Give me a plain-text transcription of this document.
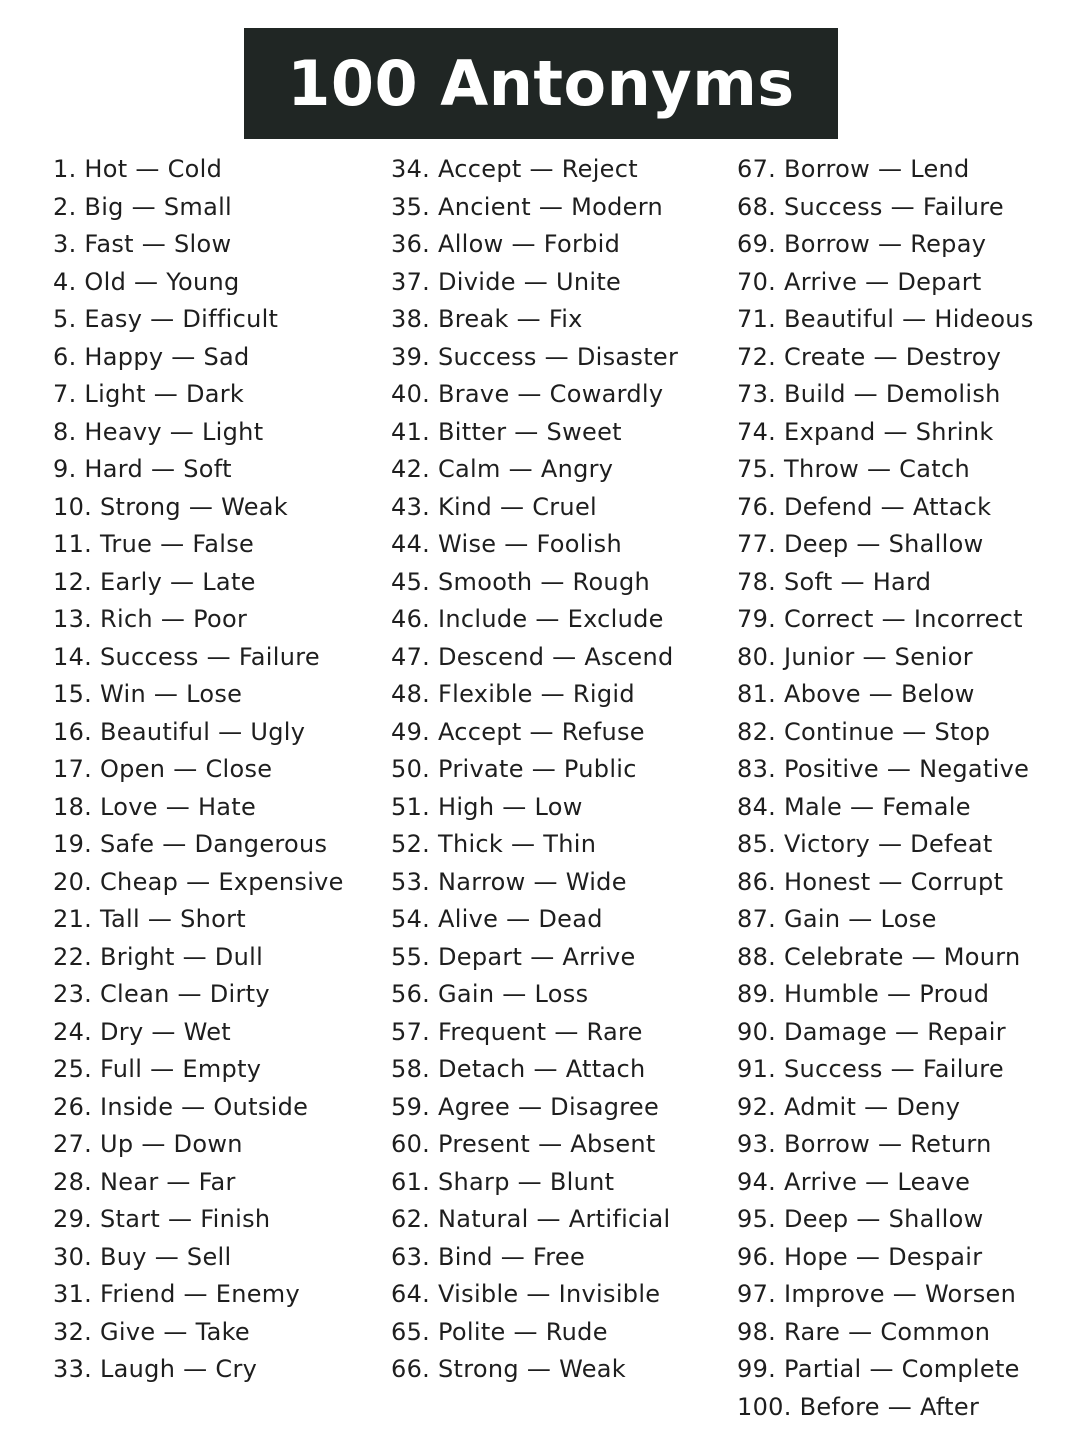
100 Antonyms
1. Hot — Cold
2. Big — Small
3. Fast — Slow
4. Old — Young
5. Easy — Difficult
6. Happy — Sad
7. Light — Dark
8. Heavy — Light
9. Hard — Soft
10. Strong — Weak
11. True — False
12. Early — Late
13. Rich — Poor
14. Success — Failure
15. Win — Lose
16. Beautiful — Ugly
17. Open — Close
18. Love — Hate
19. Safe — Dangerous
20. Cheap — Expensive
21. Tall — Short
22. Bright — Dull
23. Clean — Dirty
24. Dry — Wet
25. Full — Empty
26. Inside — Outside
27. Up — Down
28. Near — Far
29. Start — Finish
30. Buy — Sell
31. Friend — Enemy
32. Give — Take
33. Laugh — Cry
34. Accept — Reject
35. Ancient — Modern
36. Allow — Forbid
37. Divide — Unite
38. Break — Fix
39. Success — Disaster
40. Brave — Cowardly
41. Bitter — Sweet
42. Calm — Angry
43. Kind — Cruel
44. Wise — Foolish
45. Smooth — Rough
46. Include — Exclude
47. Descend — Ascend
48. Flexible — Rigid
49. Accept — Refuse
50. Private — Public
51. High — Low
52. Thick — Thin
53. Narrow — Wide
54. Alive — Dead
55. Depart — Arrive
56. Gain — Loss
57. Frequent — Rare
58. Detach — Attach
59. Agree — Disagree
60. Present — Absent
61. Sharp — Blunt
62. Natural — Artificial
63. Bind — Free
64. Visible — Invisible
65. Polite — Rude
66. Strong — Weak
67. Borrow — Lend
68. Success — Failure
69. Borrow — Repay
70. Arrive — Depart
71. Beautiful — Hideous
72. Create — Destroy
73. Build — Demolish
74. Expand — Shrink
75. Throw — Catch
76. Defend — Attack
77. Deep — Shallow
78. Soft — Hard
79. Correct — Incorrect
80. Junior — Senior
81. Above — Below
82. Continue — Stop
83. Positive — Negative
84. Male — Female
85. Victory — Defeat
86. Honest — Corrupt
87. Gain — Lose
88. Celebrate — Mourn
89. Humble — Proud
90. Damage — Repair
91. Success — Failure
92. Admit — Deny
93. Borrow — Return
94. Arrive — Leave
95. Deep — Shallow
96. Hope — Despair
97. Improve — Worsen
98. Rare — Common
99. Partial — Complete
100. Before — After
